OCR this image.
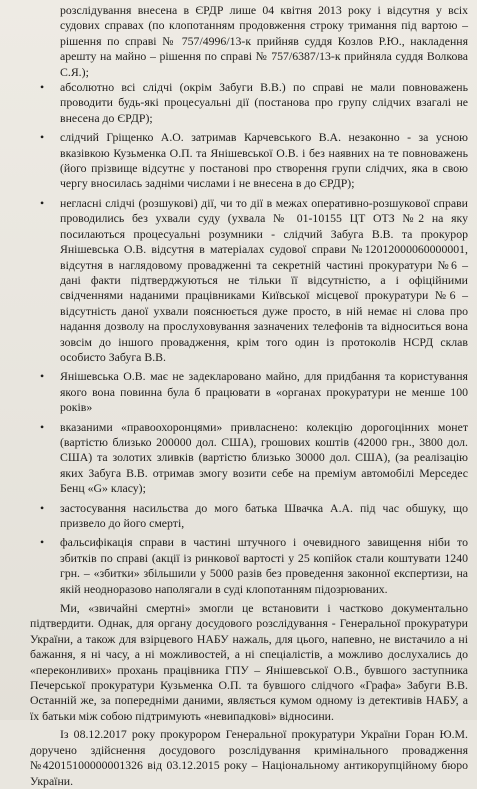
розслідування внесена в ЄРДР лише 04 квітня 2013 року і відсутня у всіх судових справах (по клопотанням продовження строку тримання під вартою – рішення по справі № 757/4996/13-к прийняв суддя Козлов Р.Ю., накладення арешту на майно – рішення по справі № 757/6387/13-к прийняла суддя Волкова С.Я.);

• абсолютно всі слідчі (окрім Забуги В.В.) по справі не мали повноважень проводити будь-які процесуальні дії (постанова про групу слідчих взагалі не внесена до ЄРДР);
• слідчий Гріщенко А.О. затримав Карчевського В.А. незаконно - за усною вказівкою Кузьменка О.П. та Янішевської О.В. і без наявних на те повноважень (його прізвище відсутнє у постанові про створення групи слідчих, яка в свою чергу вносилась задніми числами і не внесена в до ЄРДР);
• негласні слідчі (розшукові) дії, чи то дії в межах оперативно-розшукової справи проводились без ухвали суду (ухвала № 01-10155 ЦТ ОТЗ №2 на яку посилаються процесуальні розумники - слідчий Забуга В.В. та прокурор Янішевська О.В. відсутня в матеріалах судової справи №12012000060000001, відсутня в наглядовому провадженні та секретній частині прокуратури №6 – дані факти підтверджуються не тільки її відсутністю, а і офіційними свідченнями наданими працівниками Київської місцевої прокуратури №6 – відсутність даної ухвали пояснюється дуже просто, в ній немає ні слова про надання дозволу на прослуховування зазначених телефонів та відноситься вона зовсім до іншого провадження, крім того один із протоколів НСРД склав особисто Забуга В.В.
• Янішевська О.В. має не задекларовано майно, для придбання та користування якого вона повинна була б працювати в «органах прокуратури не менше 100 років»
• вказаними «правоохоронцями» привласнено: колекцію дорогоцінних монет (вартістю близько 200000 дол. США), грошових коштів (42000 грн., 3800 дол. США) та золотих зливків (вартістю близько 30000 дол. США), (за реалізацію яких Забуга В.В. отримав змогу возити себе на преміум автомобілі Мерседес Бенц «G» класу);
• застосування насильства до мого батька Швачка А.А. під час обшуку, що призвело до його смерті,
• фальсифікація справи в частині штучного і очевидного завищення ніби то збитків по справі (акції із ринкової вартості у 25 копійок стали коштувати 1240 грн. – «збитки» збільшили у 5000 разів без проведення законної експертизи, на якій неодноразово наполягали в суді клопотанням підозрюваних.

Ми, «звичайні смертні» змогли це встановити і частково документально підтвердити. Однак, для органу досудового розслідування - Генеральної прокуратури України, а також для взірцевого НАБУ нажаль, для цього, напевно, не вистачило а ні бажання, я ні часу, а ні можливостей, а ні спеціалістів, а можливо дослухались до «переконливих» прохань працівника ГПУ – Янішевської О.В., бувшого заступника Печерської прокуратури Кузьменка О.П. та бувшого слідчого «Графа» Забуги В.В. Останній же, за попередніми даними, являється кумом одному із детективів НАБУ, а їх батьки між собою підтримують «невипадкові» відносини.

Із 08.12.2017 року прокурором Генеральної прокуратури України Горан Ю.М. доручено здійснення досудового розслідування кримінального провадження №42015100000001326 від 03.12.2015 року – Національному антикорупційному бюро України.
